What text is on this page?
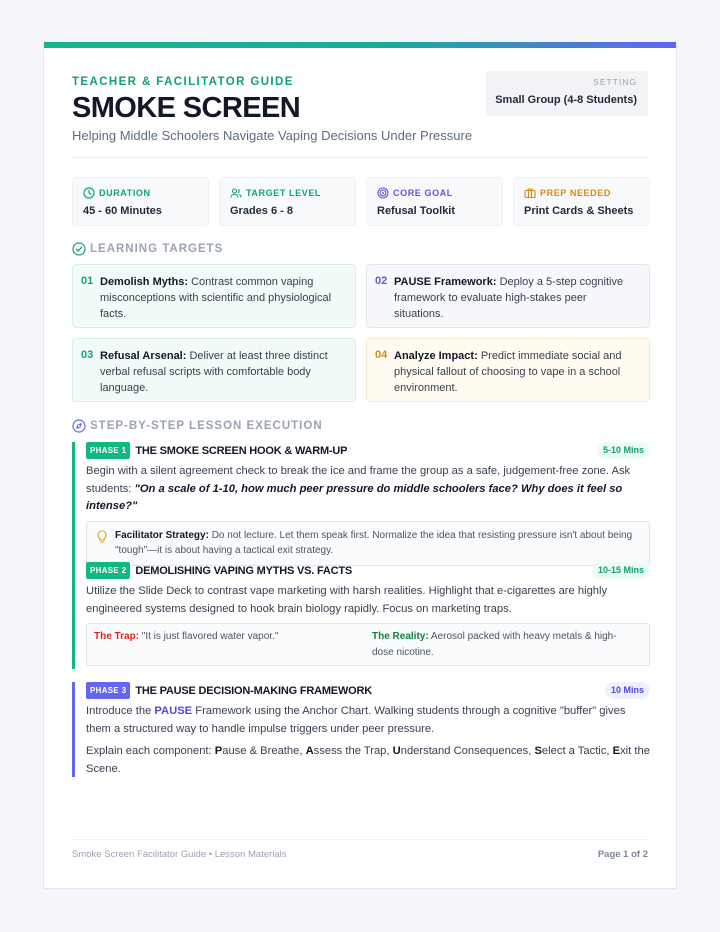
TEACHER & FACILITATOR GUIDE
SMOKE SCREEN
Helping Middle Schoolers Navigate Vaping Decisions Under Pressure
SETTING
Small Group (4-8 Students)
DURATION
45 - 60 Minutes
TARGET LEVEL
Grades 6 - 8
CORE GOAL
Refusal Toolkit
PREP NEEDED
Print Cards & Sheets
LEARNING TARGETS
01 Demolish Myths: Contrast common vaping misconceptions with scientific and physiological facts.
02 PAUSE Framework: Deploy a 5-step cognitive framework to evaluate high-stakes peer situations.
03 Refusal Arsenal: Deliver at least three distinct verbal refusal scripts with comfortable body language.
04 Analyze Impact: Predict immediate social and physical fallout of choosing to vape in a school environment.
STEP-BY-STEP LESSON EXECUTION
PHASE 1 THE SMOKE SCREEN HOOK & WARM-UP	5-10 Mins
Begin with a silent agreement check to break the ice and frame the group as a safe, judgement-free zone. Ask students: "On a scale of 1-10, how much peer pressure do middle schoolers face? Why does it feel so intense?"
Facilitator Strategy: Do not lecture. Let them speak first. Normalize the idea that resisting pressure isn't about being "tough"—it is about having a tactical exit strategy.
PHASE 2 DEMOLISHING VAPING MYTHS VS. FACTS	10-15 Mins
Utilize the Slide Deck to contrast vape marketing with harsh realities. Highlight that e-cigarettes are highly engineered systems designed to hook brain biology rapidly. Focus on marketing traps.
The Trap: "It is just flavored water vapor."	The Reality: Aerosol packed with heavy metals & high-dose nicotine.
PHASE 3 THE PAUSE DECISION-MAKING FRAMEWORK	10 Mins
Introduce the PAUSE Framework using the Anchor Chart. Walking students through a cognitive "buffer" gives them a structured way to handle impulse triggers under peer pressure.
Explain each component: Pause & Breathe, Assess the Trap, Understand Consequences, Select a Tactic, Exit the Scene.
Smoke Screen Facilitator Guide • Lesson Materials	Page 1 of 2
